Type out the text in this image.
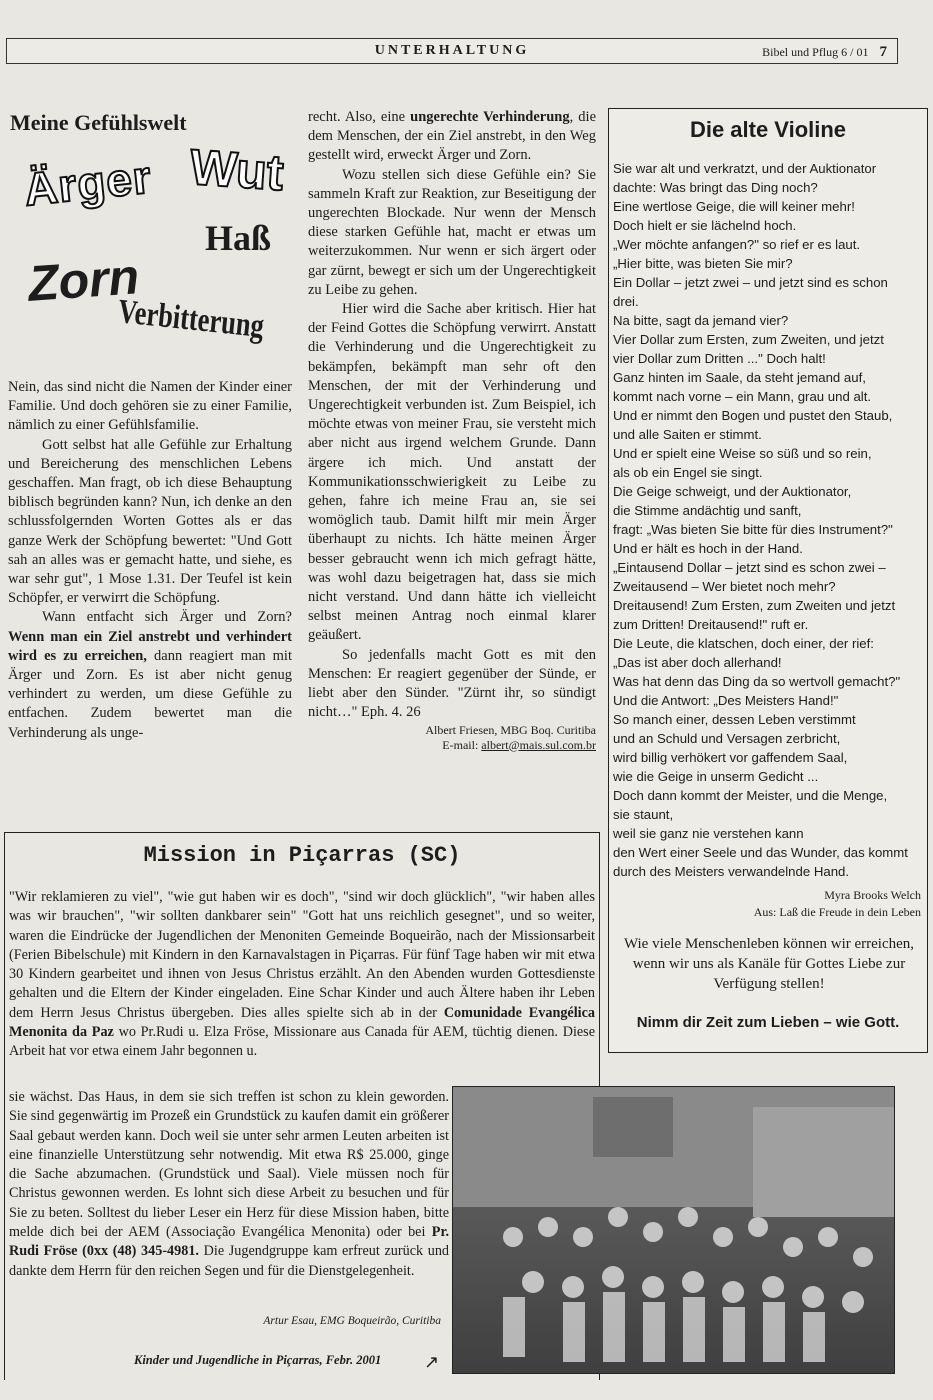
UNTERHALTUNG	Bibel und Pflug 6 / 01 7
Meine Gefühlswelt
Ärger Wut
Haß
Zorn
Verbitterung

Nein, das sind nicht die Namen der Kinder einer Familie. Und doch gehören sie zu einer Familie, nämlich zu einer Gefühlsfamilie.

Gott selbst hat alle Gefühle zur Erhaltung und Bereicherung des menschlichen Lebens geschaffen. Man fragt, ob ich diese Behauptung biblisch begründen kann? Nun, ich denke an den schlussfolgernden Worten Gottes als er das ganze Werk der Schöpfung bewertet: "Und Gott sah an alles was er gemacht hatte, und siehe, es war sehr gut", 1 Mose 1.31. Der Teufel ist kein Schöpfer, er verwirrt die Schöpfung.

Wann entfacht sich Ärger und Zorn? Wenn man ein Ziel anstrebt und verhindert wird es zu erreichen, dann reagiert man mit Ärger und Zorn. Es ist aber nicht genug verhindert zu werden, um diese Gefühle zu entfachen. Zudem bewertet man die Verhinderung als unge-

recht. Also, eine ungerechte Verhinderung, die dem Menschen, der ein Ziel anstrebt, in den Weg gestellt wird, erweckt Ärger und Zorn.

Wozu stellen sich diese Gefühle ein? Sie sammeln Kraft zur Reaktion, zur Beseitigung der ungerechten Blockade. Nur wenn der Mensch diese starken Gefühle hat, macht er etwas um weiterzukommen. Nur wenn er sich ärgert oder gar zürnt, bewegt er sich um der Ungerechtigkeit zu Leibe zu gehen.

Hier wird die Sache aber kritisch. Hier hat der Feind Gottes die Schöpfung verwirrt. Anstatt die Verhinderung und die Ungerechtigkeit zu bekämpfen, bekämpft man sehr oft den Menschen, der mit der Verhinderung und Ungerechtigkeit verbunden ist. Zum Beispiel, ich möchte etwas von meiner Frau, sie versteht mich aber nicht aus irgend welchem Grunde. Dann ärgere ich mich. Und anstatt der Kommunikationsschwierigkeit zu Leibe zu gehen, fahre ich meine Frau an, sie sei womöglich taub. Damit hilft mir mein Ärger überhaupt zu nichts. Ich hätte meinen Ärger besser gebraucht wenn ich mich gefragt hätte, was wohl dazu beigetragen hat, dass sie mich nicht verstand. Und dann hätte ich vielleicht selbst meinen Antrag noch einmal klarer geäußert.

So jedenfalls macht Gott es mit den Menschen: Er reagiert gegenüber der Sünde, er liebt aber den Sünder. "Zürnt ihr, so sündigt nicht…" Eph. 4. 26

Albert Friesen, MBG Boq. Curitiba

E-mail: albert@mais.sul.com.br

Die alte Violine
Sie war alt und verkratzt, und der Auktionator
dachte: Was bringt das Ding noch?
Eine wertlose Geige, die will keiner mehr!
Doch hielt er sie lächelnd hoch.
„Wer möchte anfangen?" so rief er es laut.
„Hier bitte, was bieten Sie mir?
Ein Dollar – jetzt zwei – und jetzt sind es schon
drei.
Na bitte, sagt da jemand vier?
Vier Dollar zum Ersten, zum Zweiten, und jetzt
vier Dollar zum Dritten ..." Doch halt!
Ganz hinten im Saale, da steht jemand auf,
kommt nach vorne – ein Mann, grau und alt.
Und er nimmt den Bogen und pustet den Staub,
und alle Saiten er stimmt.
Und er spielt eine Weise so süß und so rein,
als ob ein Engel sie singt.
Die Geige schweigt, und der Auktionator,
die Stimme andächtig und sanft,
fragt: „Was bieten Sie bitte für dies Instrument?"
Und er hält es hoch in der Hand.
„Eintausend Dollar – jetzt sind es schon zwei –
Zweitausend – Wer bietet noch mehr?
Dreitausend! Zum Ersten, zum Zweiten und jetzt
zum Dritten! Dreitausend!" ruft er.
Die Leute, die klatschen, doch einer, der rief:
„Das ist aber doch allerhand!
Was hat denn das Ding da so wertvoll gemacht?"
Und die Antwort: „Des Meisters Hand!"
So manch einer, dessen Leben verstimmt
und an Schuld und Versagen zerbricht,
wird billig verhökert vor gaffendem Saal,
wie die Geige in unserm Gedicht ...
Doch dann kommt der Meister, und die Menge,
sie staunt,
weil sie ganz nie verstehen kann
den Wert einer Seele und das Wunder, das kommt
durch des Meisters verwandelnde Hand.
Myra Brooks Welch
Aus: Laß die Freude in dein Leben
Wie viele Menschenleben können wir erreichen, wenn wir uns als Kanäle für Gottes Liebe zur Verfügung stellen!
Nimm dir Zeit zum Lieben – wie Gott.
Mission in Piçarras (SC)
"Wir reklamieren zu viel", "wie gut haben wir es doch", "sind wir doch glücklich", "wir haben alles was wir brauchen", "wir sollten dankbarer sein" "Gott hat uns reichlich gesegnet", und so weiter, waren die Eindrücke der Jugendlichen der Menoniten Gemeinde Boqueirão, nach der Missionsarbeit (Ferien Bibelschule) mit Kindern in den Karnavalstagen in Piçarras. Für fünf Tage haben wir mit etwa 30 Kindern gearbeitet und ihnen von Jesus Christus erzählt. An den Abenden wurden Gottesdienste gehalten und die Eltern der Kinder eingeladen. Eine Schar Kinder und auch Ältere haben ihr Leben dem Herrn Jesus Christus übergeben. Dies alles spielte sich ab in der Comunidade Evangélica Menonita da Paz wo Pr.Rudi u. Elza Fröse, Missionare aus Canada für AEM, tüchtig dienen. Diese Arbeit hat vor etwa einem Jahr begonnen u.
sie wächst. Das Haus, in dem sie sich treffen ist schon zu klein geworden. Sie sind gegenwärtig im Prozeß ein Grundstück zu kaufen damit ein größerer Saal gebaut werden kann. Doch weil sie unter sehr armen Leuten arbeiten ist eine finanzielle Unterstützung sehr notwendig. Mit etwa R$ 25.000, ginge die Sache abzumachen. (Grundstück und Saal). Viele müssen noch für Christus gewonnen werden. Es lohnt sich diese Arbeit zu besuchen und für Sie zu beten. Solltest du lieber Leser ein Herz für diese Mission haben, bitte melde dich bei der AEM (Associação Evangélica Menonita) oder bei Pr. Rudi Fröse (0xx (48) 345-4981. Die Jugendgruppe kam erfreut zurück und dankte dem Herrn für den reichen Segen und für die Dienstgelegenheit.
Artur Esau, EMG Boqueirão, Curitiba
Kinder und Jugendliche in Piçarras, Febr. 2001 ↗
